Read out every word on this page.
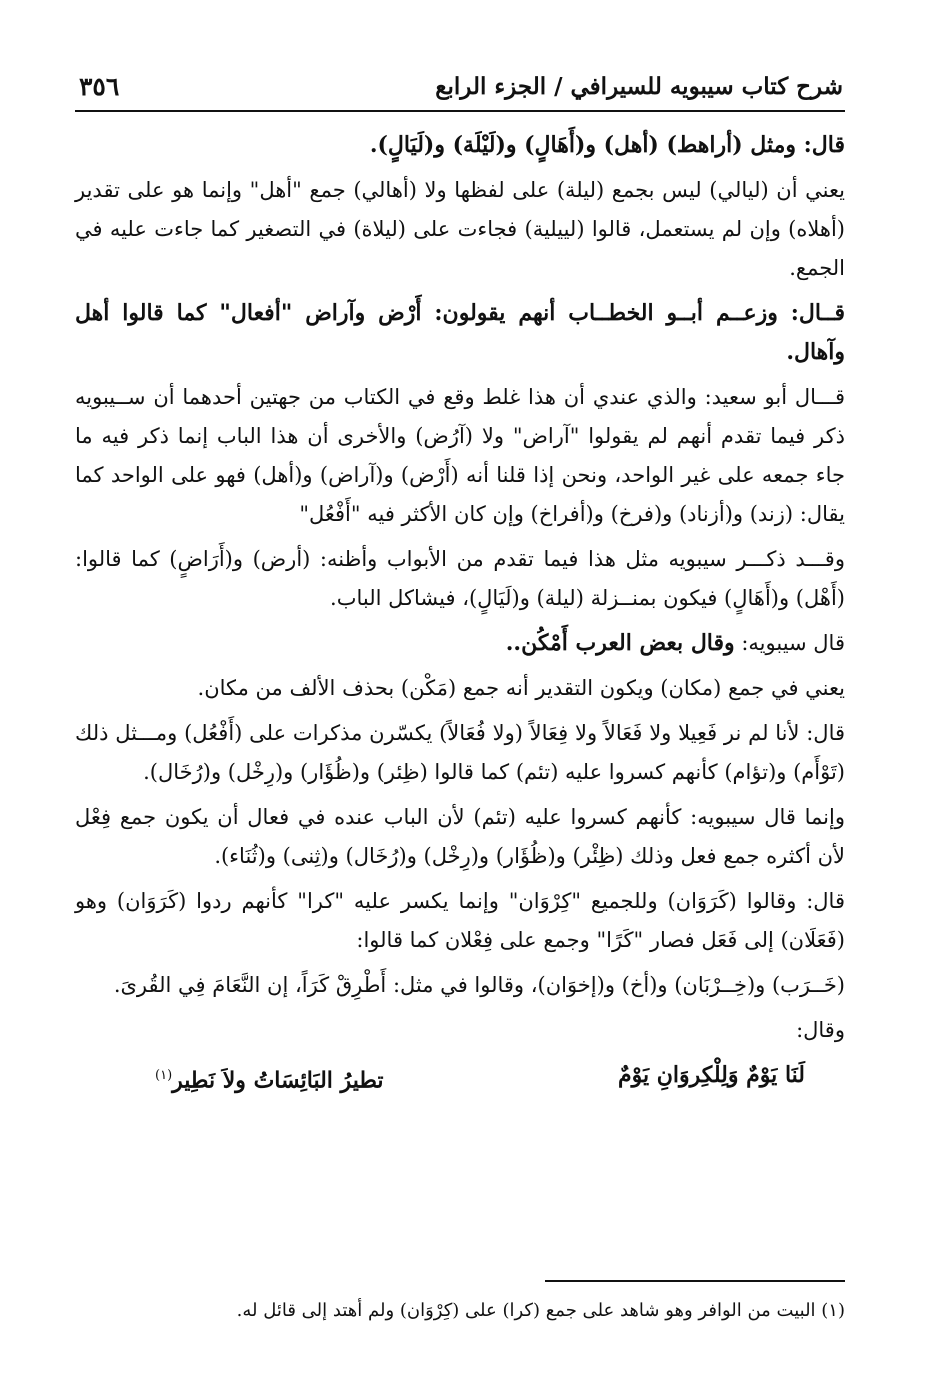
شرح كتاب سيبويه للسيرافي / الجزء الرابع
٣٥٦

قال: ومثل (أراهط) (أهل) و(أَهَالٍ) و(لَيْلَة) و(لَيَالٍ).

يعني أن (ليالي) ليس بجمع (ليلة) على لفظها ولا (أهالي) جمع "أهل" وإنما هو على تقدير (أهلاه) وإن لم يستعمل، قالوا (لييلية) فجاءت على (ليلاة) في التصغير كما جاءت عليه في الجمع.

قــال: وزعــم أبــو الخطــاب أنهم يقولون: أَرْض وآراض "أفعال" كما قالوا أهل وآهال.

قـــال أبو سعيد: والذي عندي أن هذا غلط وقع في الكتاب من جهتين أحدهما أن ســيبويه ذكر فيما تقدم أنهم لم يقولوا "آراض" ولا (آرُض) والأخرى أن هذا الباب إنما ذكر فيه ما جاء جمعه على غير الواحد، ونحن إذا قلنا أنه (أَرْض) و(آراض) و(أهل) فهو على الواحد كما يقال: (زند) و(أزناد) و(فرخ) و(أفراخ) وإن كان الأكثر فيه "أَفْعُل"

وقـــد ذكـــر سيبويه مثل هذا فيما تقدم من الأبواب وأظنه: (أرض) و(أَرَاضٍ) كما قالوا: (أَهْل) و(أَهَالٍ) فيكون بمنــزلة (ليلة) و(لَيَالٍ)، فيشاكل الباب.

قال سيبويه: وقال بعض العرب أَمْكُن..

يعني في جمع (مكان) ويكون التقدير أنه جمع (مَكْن) بحذف الألف من مكان.

قال: لأنا لم نر فَعِيلا ولا فَعَالاً ولا فِعَالاً (ولا فُعَالاً) يكسّرن مذكرات على (أَفْعُل) ومـــثل ذلك (تَوْأَم) و(تؤام) كأنهم كسروا عليه (تئم) كما قالوا (ظِئر) و(ظُؤَار) و(رِخْل) و(رُخَال).

وإنما قال سيبويه: كأنهم كسروا عليه (تئم) لأن الباب عنده في فعال أن يكون جمع فِعْل لأن أكثره جمع فعل وذلك (ظِئْر) و(ظُؤَار) و(رِخْل) و(رُخَال) و(ثِنى) و(ثُنَاء).

قال: وقالوا (كَرَوَان) وللجميع "كِرْوَان" وإنما يكسر عليه "كرا" كأنهم ردوا (كَرَوَان) وهو (فَعَلَان) إلى فَعَل فصار "كَرًا" وجمع على فِعْلان كما قالوا:

(خَــرَب) و(خِــرْبَان) و(أخ) و(إخوَان)، وقالوا في مثل: أَطْرِقْ كَرَاً، إن النَّعَامَ فِي القُرىَ.

وقال:

لَنَا يَوْمٌ وَلِلْكِروَانِ يَوْمٌ
تطيرُ البَائِسَاتُ ولاَ نَطِير$^{(١)}$
(١) البيت من الوافر وهو شاهد على جمع (كرا) على (كِرْوَان) ولم أهتد إلى قائل له.
